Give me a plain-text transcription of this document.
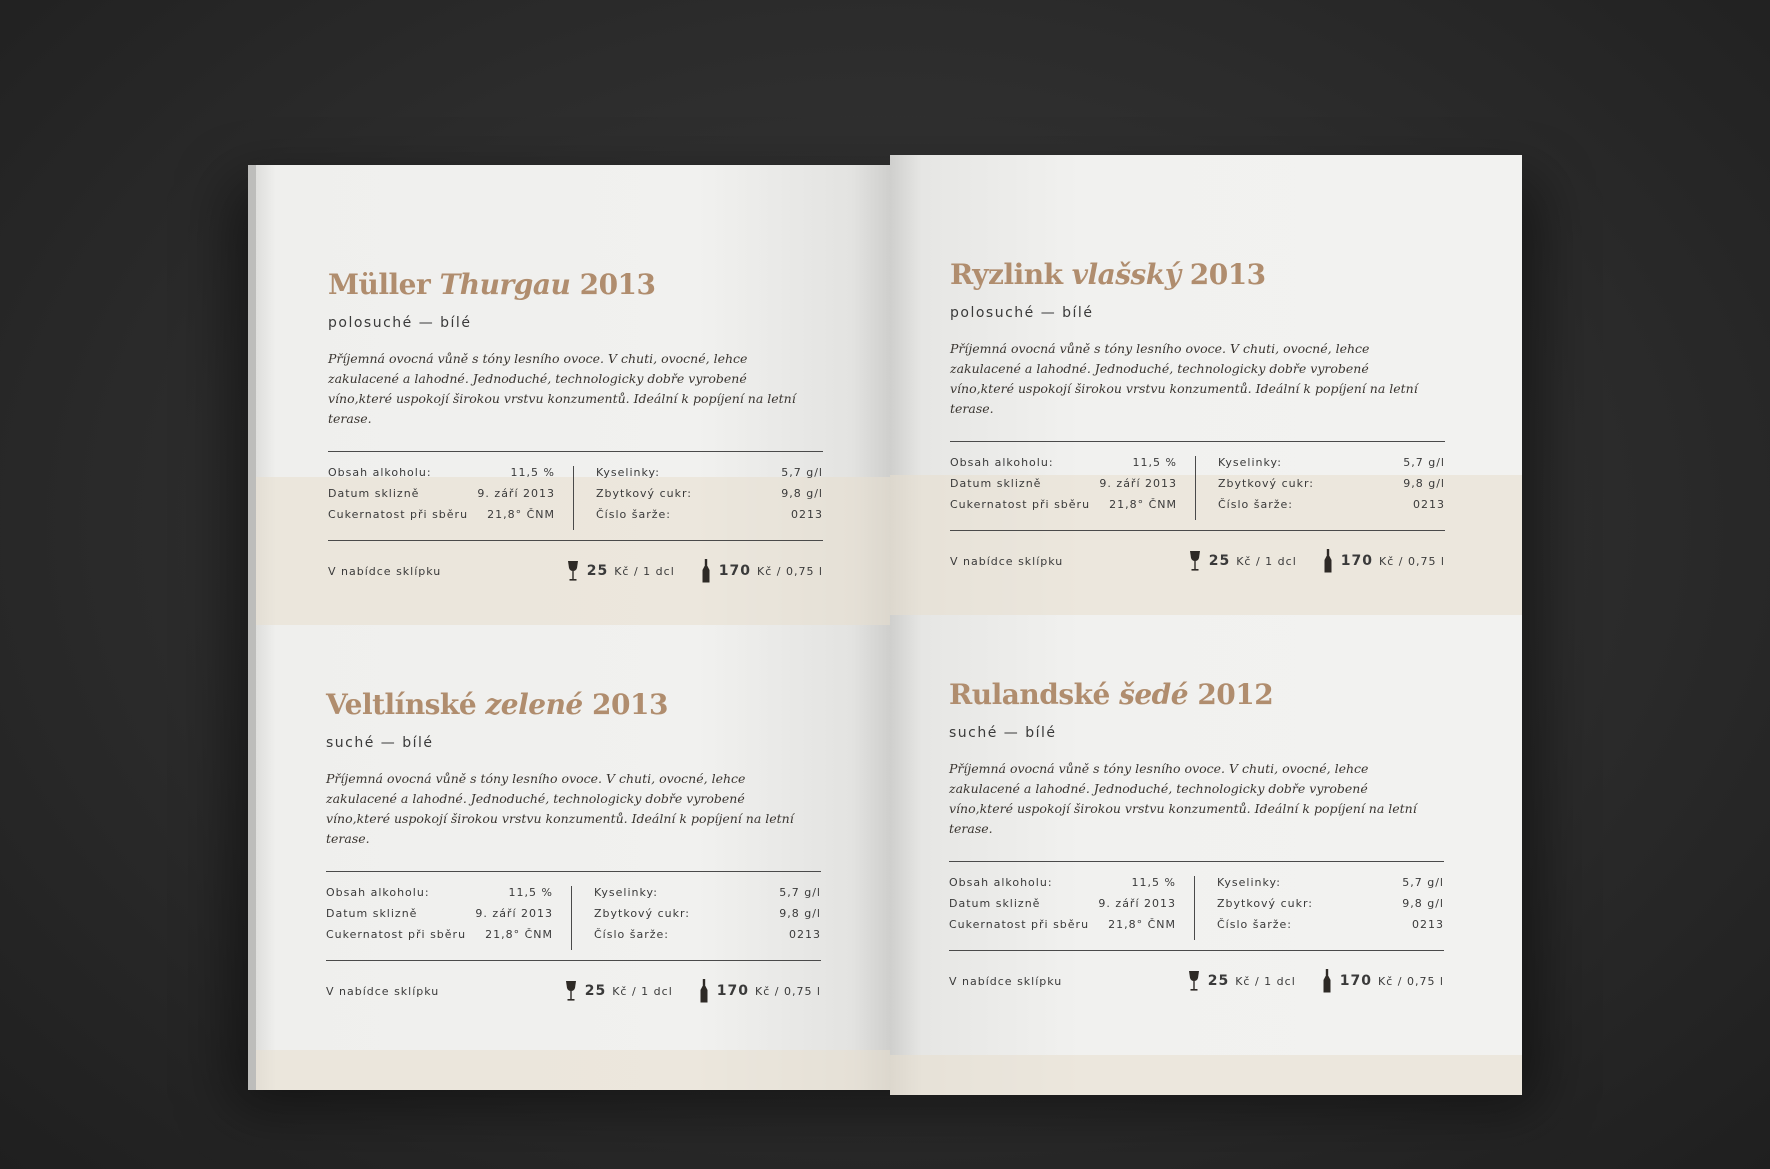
Müller Thurgau 2013
polosuché — bílé
Příjemná ovocná vůně s tóny lesního ovoce. V chuti, ovocné, lehce zakulacené a lahodné. Jednoduché, technologicky dobře vyrobené víno,které uspokojí širokou vrstvu konzumentů. Ideální k popíjení na letní terase.
Obsah alkoholu:	11,5 %
Datum sklizně	9. září 2013
Cukernatost při sběru 21,8° ČNM
Kyselinky:	5,7 g/l
Zbytkový cukr:	9,8 g/l
Číslo šarže:	0213
V nabídce sklípku	25 Kč / 1 dcl	170 Kč / 0,75 l
Veltlínské zelené 2013
suché — bílé
Příjemná ovocná vůně s tóny lesního ovoce. V chuti, ovocné, lehce zakulacené a lahodné. Jednoduché, technologicky dobře vyrobené víno,které uspokojí širokou vrstvu konzumentů. Ideální k popíjení na letní terase.
Obsah alkoholu:	11,5 %
Datum sklizně	9. září 2013
Cukernatost při sběru 21,8° ČNM
Kyselinky:	5,7 g/l
Zbytkový cukr:	9,8 g/l
Číslo šarže:	0213
V nabídce sklípku	25 Kč / 1 dcl	170 Kč / 0,75 l
Ryzlink vlašský 2013
polosuché — bílé
Příjemná ovocná vůně s tóny lesního ovoce. V chuti, ovocné, lehce zakulacené a lahodné. Jednoduché, technologicky dobře vyrobené víno,které uspokojí širokou vrstvu konzumentů. Ideální k popíjení na letní terase.
Obsah alkoholu:	11,5 %
Datum sklizně	9. září 2013
Cukernatost při sběru 21,8° ČNM
Kyselinky:	5,7 g/l
Zbytkový cukr:	9,8 g/l
Číslo šarže:	0213
V nabídce sklípku	25 Kč / 1 dcl	170 Kč / 0,75 l
Rulandské šedé 2012
suché — bílé
Příjemná ovocná vůně s tóny lesního ovoce. V chuti, ovocné, lehce zakulacené a lahodné. Jednoduché, technologicky dobře vyrobené víno,které uspokojí širokou vrstvu konzumentů. Ideální k popíjení na letní terase.
Obsah alkoholu:	11,5 %
Datum sklizně	9. září 2013
Cukernatost při sběru 21,8° ČNM
Kyselinky:	5,7 g/l
Zbytkový cukr:	9,8 g/l
Číslo šarže:	0213
V nabídce sklípku	25 Kč / 1 dcl	170 Kč / 0,75 l
